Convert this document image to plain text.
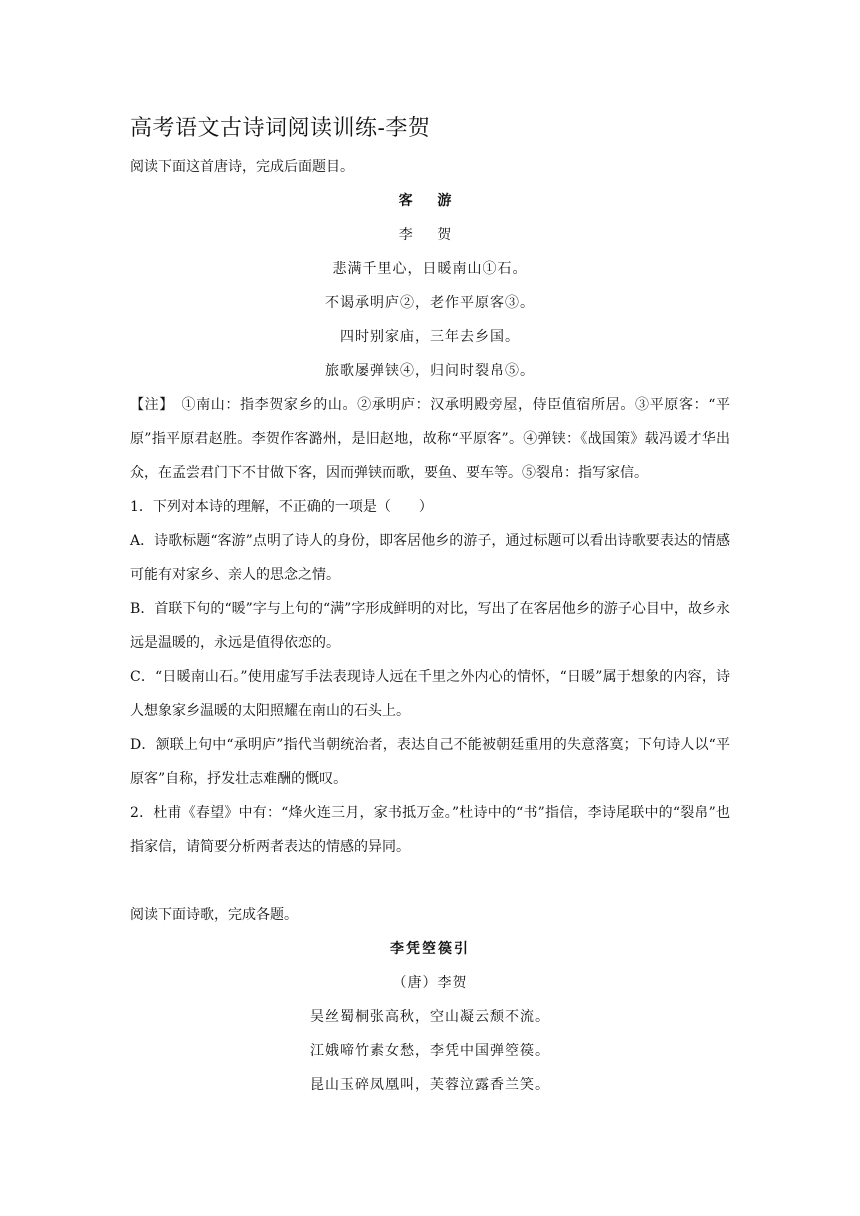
高考语文古诗词阅读训练-李贺

阅读下面这首唐诗，完成后面题目。

客 游

李 贺

悲满千里心，日暖南山①石。

不谒承明庐②，老作平原客③。

四时别家庙，三年去乡国。

旅歌屡弹铗④，归问时裂帛⑤。

【注】　①南山：指李贺家乡的山。②承明庐：汉承明殿旁屋，侍臣值宿所居。③平原客：“平原”指平原君赵胜。李贺作客潞州，是旧赵地，故称“平原客”。④弹铗：《战国策》载冯谖才华出众，在孟尝君门下不甘做下客，因而弹铗而歌，要鱼、要车等。⑤裂帛：指写家信。

1．下列对本诗的理解，不正确的一项是（　　）

A．诗歌标题“客游”点明了诗人的身份，即客居他乡的游子，通过标题可以看出诗歌要表达的情感可能有对家乡、亲人的思念之情。

B．首联下句的“暖”字与上句的“满”字形成鲜明的对比，写出了在客居他乡的游子心目中，故乡永远是温暖的，永远是值得依恋的。

C．“日暖南山石。”使用虚写手法表现诗人远在千里之外内心的情怀，“日暖”属于想象的内容，诗人想象家乡温暖的太阳照耀在南山的石头上。

D．颔联上句中“承明庐”指代当朝统治者，表达自己不能被朝廷重用的失意落寞；下句诗人以“平原客”自称，抒发壮志难酬的慨叹。

2．杜甫《春望》中有：“烽火连三月，家书抵万金。”杜诗中的“书”指信，李诗尾联中的“裂帛”也指家信，请简要分析两者表达的情感的异同。

阅读下面诗歌，完成各题。

李凭箜篌引

（唐）李贺

吴丝蜀桐张高秋，空山凝云颓不流。

江娥啼竹素女愁，李凭中国弹箜篌。

昆山玉碎凤凰叫，芙蓉泣露香兰笑。
